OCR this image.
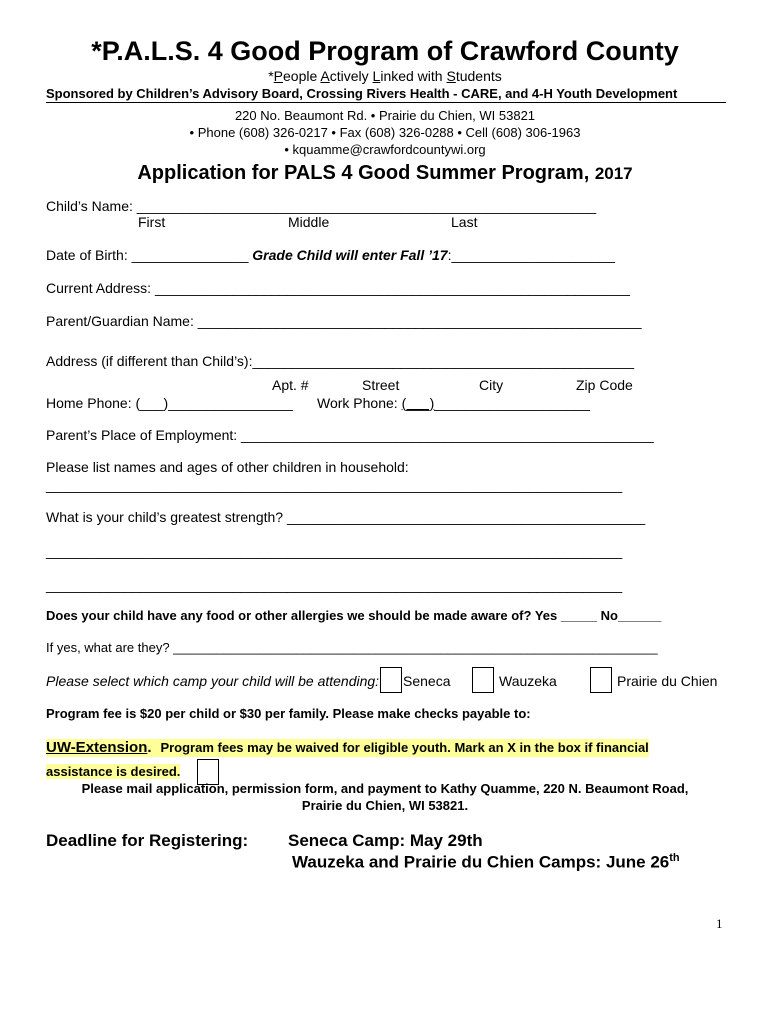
*P.A.L.S. 4 Good Program of Crawford County
*People Actively Linked with Students
Sponsored by Children’s Advisory Board, Crossing Rivers Health - CARE, and 4-H Youth Development
220 No. Beaumont Rd. • Prairie du Chien, WI 53821
• Phone (608) 326-0217 • Fax (608) 326-0288 • Cell (608) 306-1963
• kquamme@crawfordcountywi.org
Application for PALS 4 Good Summer Program, 2017
Child’s Name: ___________________________________________________________
First	Middle	Last
Date of Birth: _______________ Grade Child will enter Fall ’17:_____________________
Current Address: _____________________________________________________________
Parent/Guardian Name: _________________________________________________________
Address (if different than Child’s):_________________________________________________
Apt. #	Street	City	Zip Code
Home Phone: (___)________________ Work Phone: (___)____________________
Parent’s Place of Employment: _____________________________________________________
Please list names and ages of other children in household:
__________________________________________________________________________
What is your child’s greatest strength? ______________________________________________
__________________________________________________________________________
__________________________________________________________________________
Does your child have any food or other allergies we should be made aware of? Yes _____ No______
If yes, what are they? ___________________________________________________________________
Please select which camp your child will be attending: Seneca	Wauzeka	Prairie du Chien
Program fee is $20 per child or $30 per family. Please make checks payable to:
UW-Extension. Program fees may be waived for eligible youth. Mark an X in the box if financial
assistance is desired.
Please mail application, permission form, and payment to Kathy Quamme, 220 N. Beaumont Road,
Prairie du Chien, WI 53821.
Deadline for Registering: Seneca Camp: May 29th
Wauzeka and Prairie du Chien Camps: June 26th
1
